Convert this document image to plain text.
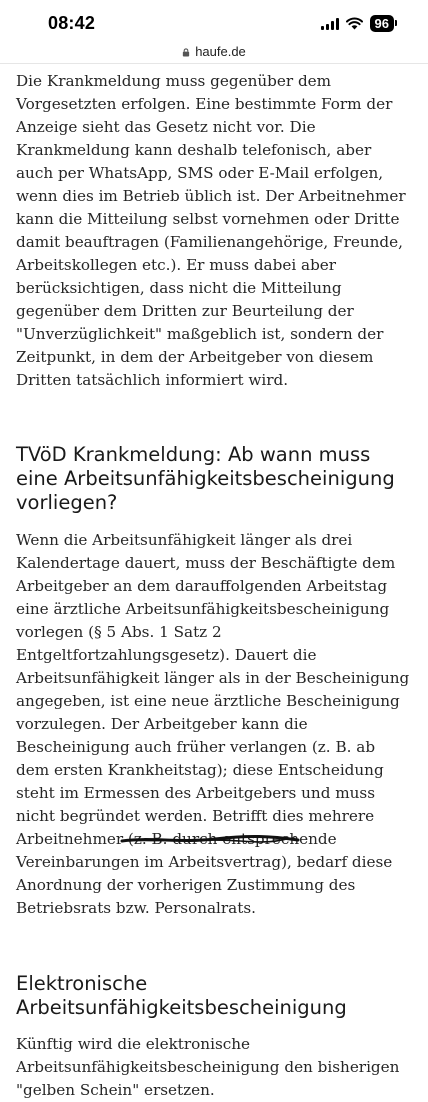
08:42	96
haufe.de

Die Krankmeldung muss gegenüber dem Vorgesetzten erfolgen. Eine bestimmte Form der Anzeige sieht das Gesetz nicht vor. Die Krankmeldung kann deshalb telefonisch, aber auch per WhatsApp, SMS oder E-Mail erfolgen, wenn dies im Betrieb üblich ist. Der Arbeitnehmer kann die Mitteilung selbst vornehmen oder Dritte damit beauftragen (Familienangehörige, Freunde, Arbeitskollegen etc.). Er muss dabei aber berücksichtigen, dass nicht die Mitteilung gegenüber dem Dritten zur Beurteilung der "Unverzüglichkeit" maßgeblich ist, sondern der Zeitpunkt, in dem der Arbeitgeber von diesem Dritten tatsächlich informiert wird.

TVöD Krankmeldung: Ab wann muss eine Arbeitsunfähigkeitsbescheinigung vorliegen?

Wenn die Arbeitsunfähigkeit länger als drei Kalendertage dauert, muss der Beschäftigte dem Arbeitgeber an dem darauffolgenden Arbeitstag eine ärztliche Arbeitsunfähigkeitsbescheinigung vorlegen (§ 5 Abs. 1 Satz 2 Entgeltfortzahlungsgesetz). Dauert die Arbeitsunfähigkeit länger als in der Bescheinigung angegeben, ist eine neue ärztliche Bescheinigung vorzulegen. Der Arbeitgeber kann die Bescheinigung auch früher verlangen (z. B. ab dem ersten Krankheitstag); diese Entscheidung steht im Ermessen des Arbeitgebers und muss nicht begründet werden. Betrifft dies mehrere Arbeitnehmer (z. B. durch entsprechende Vereinbarungen im Arbeitsvertrag), bedarf diese Anordnung der vorherigen Zustimmung des Betriebsrats bzw. Personalrats.

Elektronische Arbeitsunfähigkeitsbescheinigung

Künftig wird die elektronische Arbeitsunfähigkeitsbescheinigung den bisherigen "gelben Schein" ersetzen.
